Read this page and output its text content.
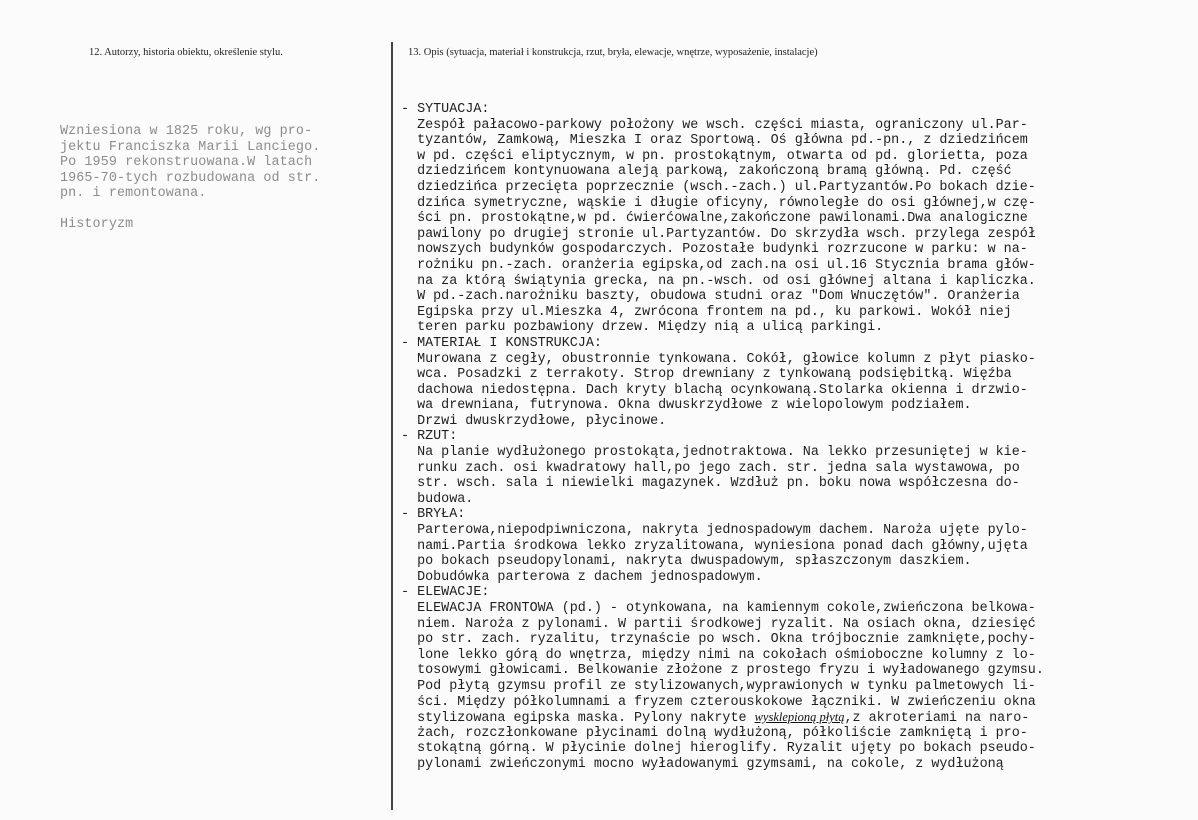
12. Autorzy, historia obiektu, określenie stylu.	13. Opis (sytuacja, materiał i konstrukcja, rzut, bryła, elewacje, wnętrze, wyposażenie, instalacje)
Wzniesiona w 1825 roku, wg pro-
jektu Franciszka Marii Lanciego.
Po 1959 rekonstruowana.W latach
1965-70-tych rozbudowana od str.
pn. i remontowana.
Historyzm
- SYTUACJA:
Zespół pałacowo-parkowy położony we wsch. części miasta, ograniczony ul.Par-
tyzantów, Zamkową, Mieszka I oraz Sportową. Oś główna pd.-pn., z dziedzińcem
w pd. części eliptycznym, w pn. prostokątnym, otwarta od pd. glorietta, poza
dziedzińcem kontynuowana aleją parkową, zakończoną bramą główną. Pd. część
dziedzińca przecięta poprzecznie (wsch.-zach.) ul.Partyzantów.Po bokach dzie-
dzińca symetryczne, wąskie i długie oficyny, równoległe do osi głównej,w czę-
ści pn. prostokątne,w pd. ćwierćowalne,zakończone pawilonami.Dwa analogiczne
pawilony po drugiej stronie ul.Partyzantów. Do skrzydła wsch. przylega zespół
nowszych budynków gospodarczych. Pozostałe budynki rozrzucone w parku: w na-
rożniku pn.-zach. oranżeria egipska,od zach.na osi ul.16 Stycznia brama głów-
na za którą świątynia grecka, na pn.-wsch. od osi głównej altana i kapliczka.
W pd.-zach.narożniku baszty, obudowa studni oraz "Dom Wnuczętów". Oranżeria
Egipska przy ul.Mieszka 4, zwrócona frontem na pd., ku parkowi. Wokół niej
teren parku pozbawiony drzew. Między nią a ulicą parkingi.
- MATERIAŁ I KONSTRUKCJA:
Murowana z cegły, obustronnie tynkowana. Cokół, głowice kolumn z płyt piasko-
wca. Posadzki z terrakoty. Strop drewniany z tynkowaną podsiębitką. Więźba
dachowa niedostępna. Dach kryty blachą ocynkowaną.Stolarka okienna i drzwio-
wa drewniana, futrynowa. Okna dwuskrzydłowe z wielopolowym podziałem.
Drzwi dwuskrzydłowe, płycinowe.
- RZUT:
Na planie wydłużonego prostokąta,jednotraktowa. Na lekko przesuniętej w kie-
runku zach. osi kwadratowy hall,po jego zach. str. jedna sala wystawowa, po
str. wsch. sala i niewielki magazynek. Wzdłuż pn. boku nowa współczesna do-
budowa.
- BRYŁA:
Parterowa,niepodpiwniczona, nakryta jednospadowym dachem. Naroża ujęte pylo-
nami.Partia środkowa lekko zryzalitowana, wyniesiona ponad dach główny,ujęta
po bokach pseudopylonami, nakryta dwuspadowym, spłaszczonym daszkiem.
Dobudówka parterowa z dachem jednospadowym.
- ELEWACJE:
ELEWACJA FRONTOWA (pd.) - otynkowana, na kamiennym cokole,zwieńczona belkowa-
niem. Naroża z pylonami. W partii środkowej ryzalit. Na osiach okna, dziesięć
po str. zach. ryzalitu, trzynaście po wsch. Okna trójbocznie zamknięte,pochy-
lone lekko górą do wnętrza, między nimi na cokołach ośmioboczne kolumny z lo-
tosowymi głowicami. Belkowanie złożone z prostego fryzu i wyładowanego gzymsu.
Pod płytą gzymsu profil ze stylizowanych,wyprawionych w tynku palmetowych li-
ści. Między półkolumnami a fryzem czterouskokowe łączniki. W zwieńczeniu okna
stylizowana egipska maska. Pylony nakryte wysklepioną płytą,z akroteriami na naro-
żach, rozczłonkowane płycinami dolną wydłużoną, półkoliście zamkniętą i pro-
stokątną górną. W płycinie dolnej hieroglify. Ryzalit ujęty po bokach pseudo-
pylonami zwieńczonymi mocno wyładowanymi gzymsami, na cokole, z wydłużoną
